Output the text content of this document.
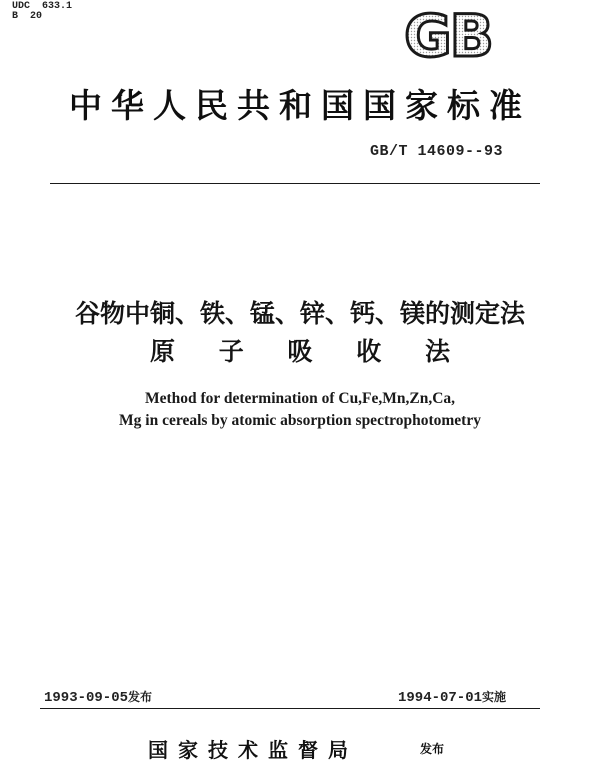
UDC  633.1
B  20	GB
中华人民共和国国家标准
GB/T 14609--93
谷物中铜、铁、锰、锌、钙、镁的测定法
原 子 吸 收 法
Method for determination of Cu,Fe,Mn,Zn,Ca,
Mg in cereals by atomic absorption spectrophotometry
1993-09-05发布	1994-07-01实施
国家技术监督局	发布
